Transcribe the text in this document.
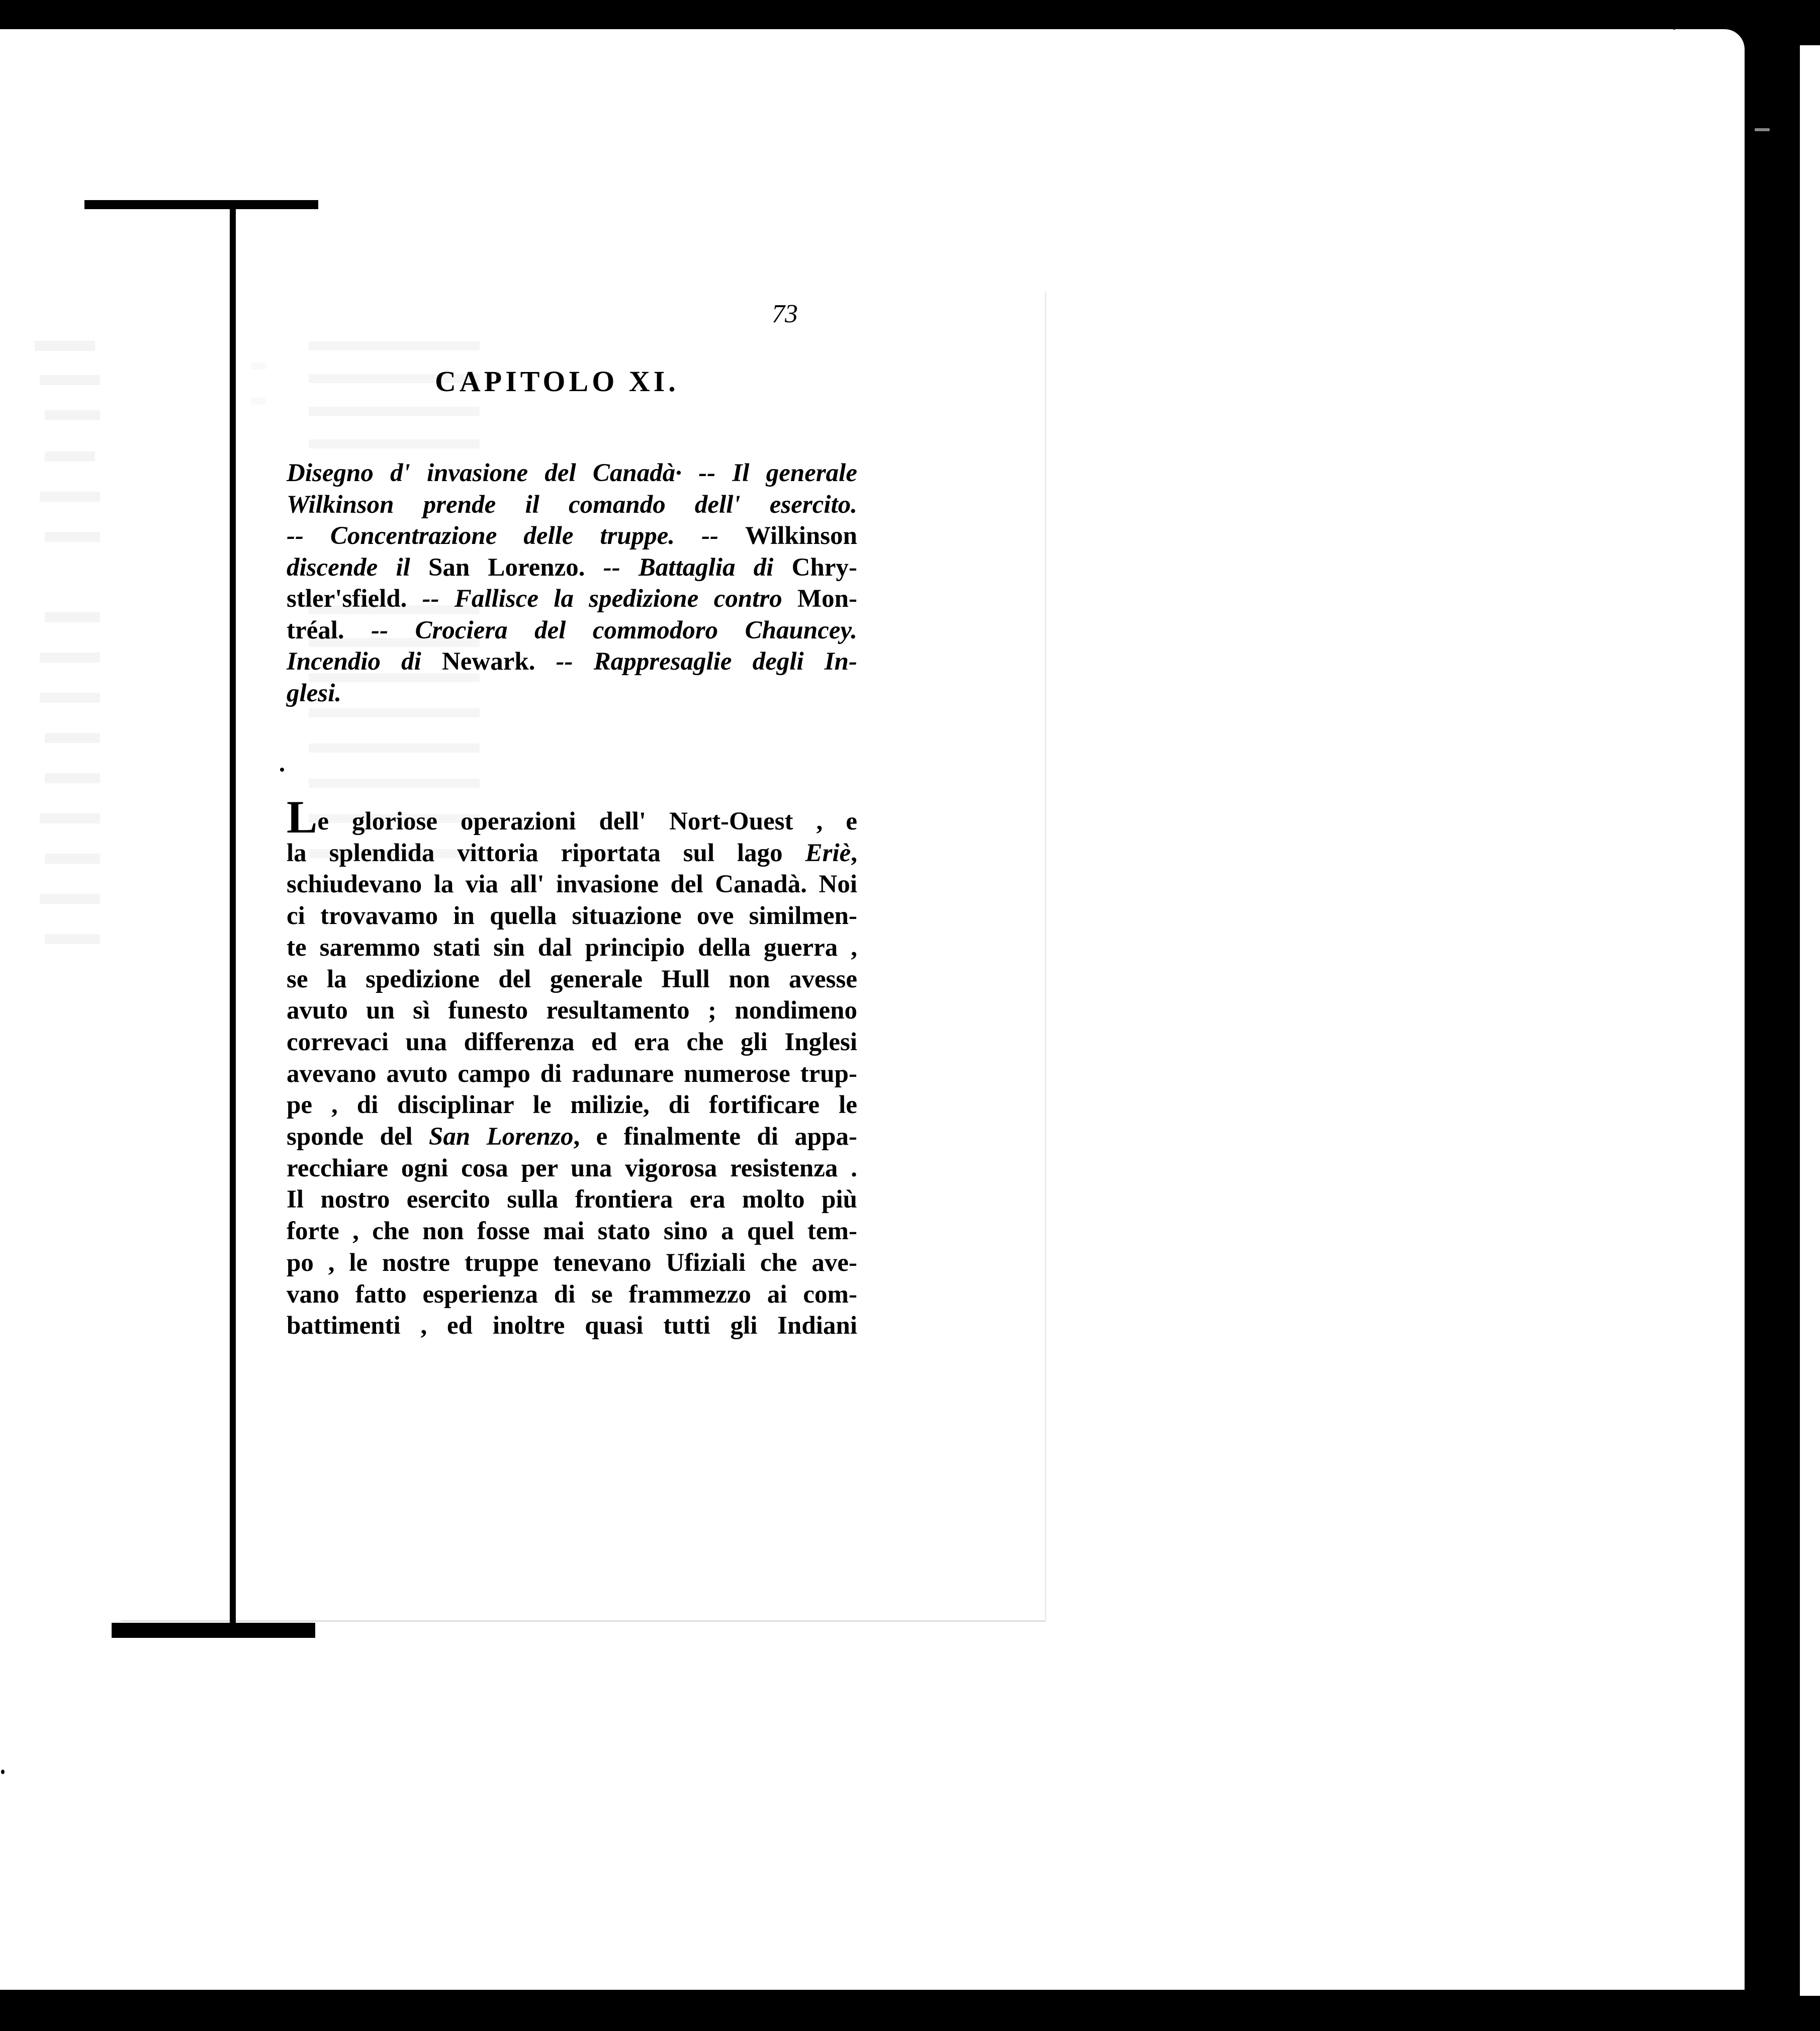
73
CAPITOLO XI.
Disegno d' invasione del Canadà· -- Il generale
Wilkinson prende il comando dell' esercito.
-- Concentrazione delle truppe. -- Wilkinson
discende il San Lorenzo. -- Battaglia di Chry-
stler'sfield. -- Fallisce la spedizione contro Mon-
tréal. -- Crociera del commodoro Chauncey.
Incendio di Newark. -- Rappresaglie degli In-
glesi.
Le gloriose operazioni dell' Nort-Ouest , e
la splendida vittoria riportata sul lago Eriè,
schiudevano la via all' invasione del Canadà. Noi
ci trovavamo in quella situazione ove similmen-
te saremmo stati sin dal principio della guerra ,
se la spedizione del generale Hull non avesse
avuto un sì funesto resultamento ; nondimeno
correvaci una differenza ed era che gli Inglesi
avevano avuto campo di radunare numerose trup-
pe , di disciplinar le milizie, di fortificare le
sponde del San Lorenzo, e finalmente di appa-
recchiare ogni cosa per una vigorosa resistenza .
Il nostro esercito sulla frontiera era molto più
forte , che non fosse mai stato sino a quel tem-
po , le nostre truppe tenevano Ufiziali che ave-
vano fatto esperienza di se frammezzo ai com-
battimenti , ed inoltre quasi tutti gli Indiani
